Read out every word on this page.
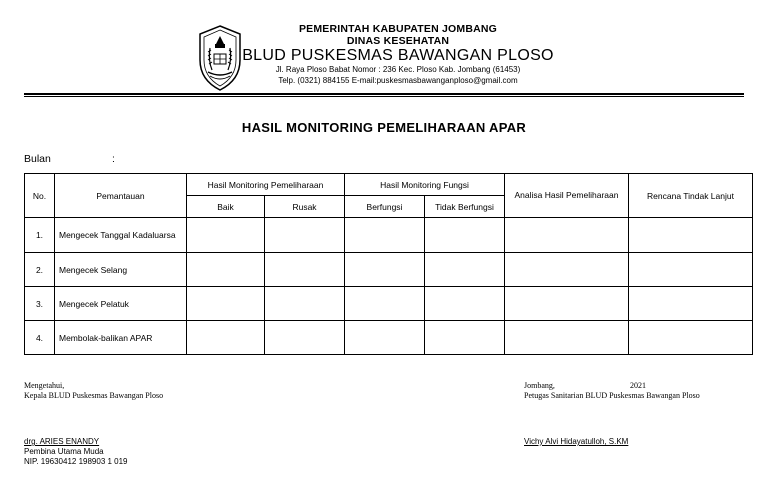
PEMERINTAH KABUPATEN JOMBANG
DINAS KESEHATAN
BLUD PUSKESMAS BAWANGAN PLOSO
Jl. Raya Ploso Babat Nomor : 236 Kec. Ploso Kab. Jombang (61453)
Telp. (0321) 884155 E-mail:puskesmasbawanganploso@gmail.com
HASIL MONITORING PEMELIHARAAN APAR
Bulan	:
No.	Pemantauan	Hasil Monitoring Pemeliharaan		Hasil Monitoring Fungsi		Analisa Hasil Pemeliharaan	Rencana Tindak Lanjut
		Baik	Rusak	Berfungsi	Tidak Berfungsi		
1.	Mengecek Tanggal Kadaluarsa						
2.	Mengecek Selang						
3.	Mengecek Pelatuk						
4.	Membolak-balikan APAR						
Mengetahui,
Kepala BLUD Puskesmas Bawangan Ploso
Jombang,	2021
Petugas Sanitarian BLUD Puskesmas Bawangan Ploso
drg. ARIES ENANDY
Pembina Utama Muda
NIP. 19630412 198903 1 019
Vichy Alvi Hidayatulloh, S.KM
